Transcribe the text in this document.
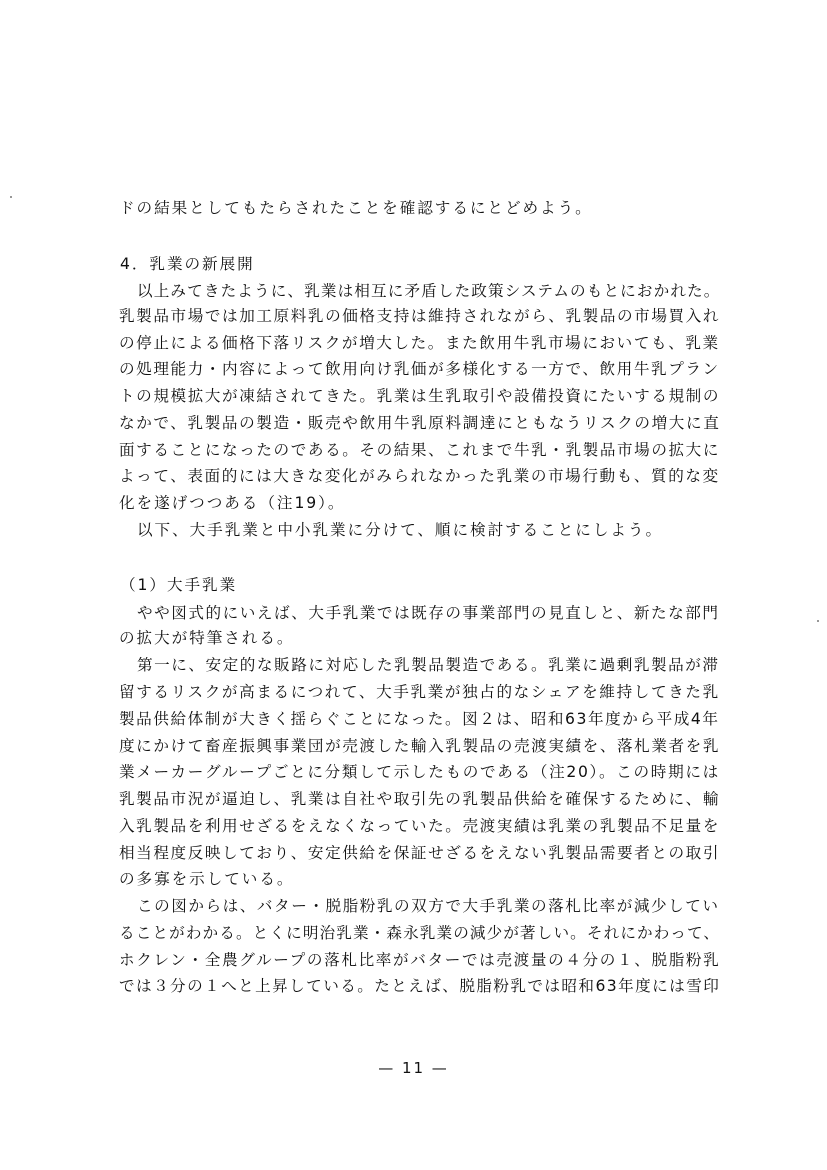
ドの結果としてもたらされたことを確認するにとどめよう。
4．乳業の新展開
以上みてきたように、乳業は相互に矛盾した政策システムのもとにおかれた。
乳製品市場では加工原料乳の価格支持は維持されながら、乳製品の市場買入れ
の停止による価格下落リスクが増大した。また飲用牛乳市場においても、乳業
の処理能力・内容によって飲用向け乳価が多様化する一方で、飲用牛乳プラン
トの規模拡大が凍結されてきた。乳業は生乳取引や設備投資にたいする規制の
なかで、乳製品の製造・販売や飲用牛乳原料調達にともなうリスクの増大に直
面することになったのである。その結果、これまで牛乳・乳製品市場の拡大に
よって、表面的には大きな変化がみられなかった乳業の市場行動も、質的な変
化を遂げつつある（注19）。
以下、大手乳業と中小乳業に分けて、順に検討することにしよう。
（1）大手乳業
やや図式的にいえば、大手乳業では既存の事業部門の見直しと、新たな部門
の拡大が特筆される。
第一に、安定的な販路に対応した乳製品製造である。乳業に過剰乳製品が滞
留するリスクが高まるにつれて、大手乳業が独占的なシェアを維持してきた乳
製品供給体制が大きく揺らぐことになった。図２は、昭和63年度から平成4年
度にかけて畜産振興事業団が売渡した輸入乳製品の売渡実績を、落札業者を乳
業メーカーグループごとに分類して示したものである（注20）。この時期には
乳製品市況が逼迫し、乳業は自社や取引先の乳製品供給を確保するために、輸
入乳製品を利用せざるをえなくなっていた。売渡実績は乳業の乳製品不足量を
相当程度反映しており、安定供給を保証せざるをえない乳製品需要者との取引
の多寡を示している。
この図からは、バター・脱脂粉乳の双方で大手乳業の落札比率が減少してい
ることがわかる。とくに明治乳業・森永乳業の減少が著しい。それにかわって、
ホクレン・全農グループの落札比率がバターでは売渡量の４分の１、脱脂粉乳
では３分の１へと上昇している。たとえば、脱脂粉乳では昭和63年度には雪印
— 11 —
